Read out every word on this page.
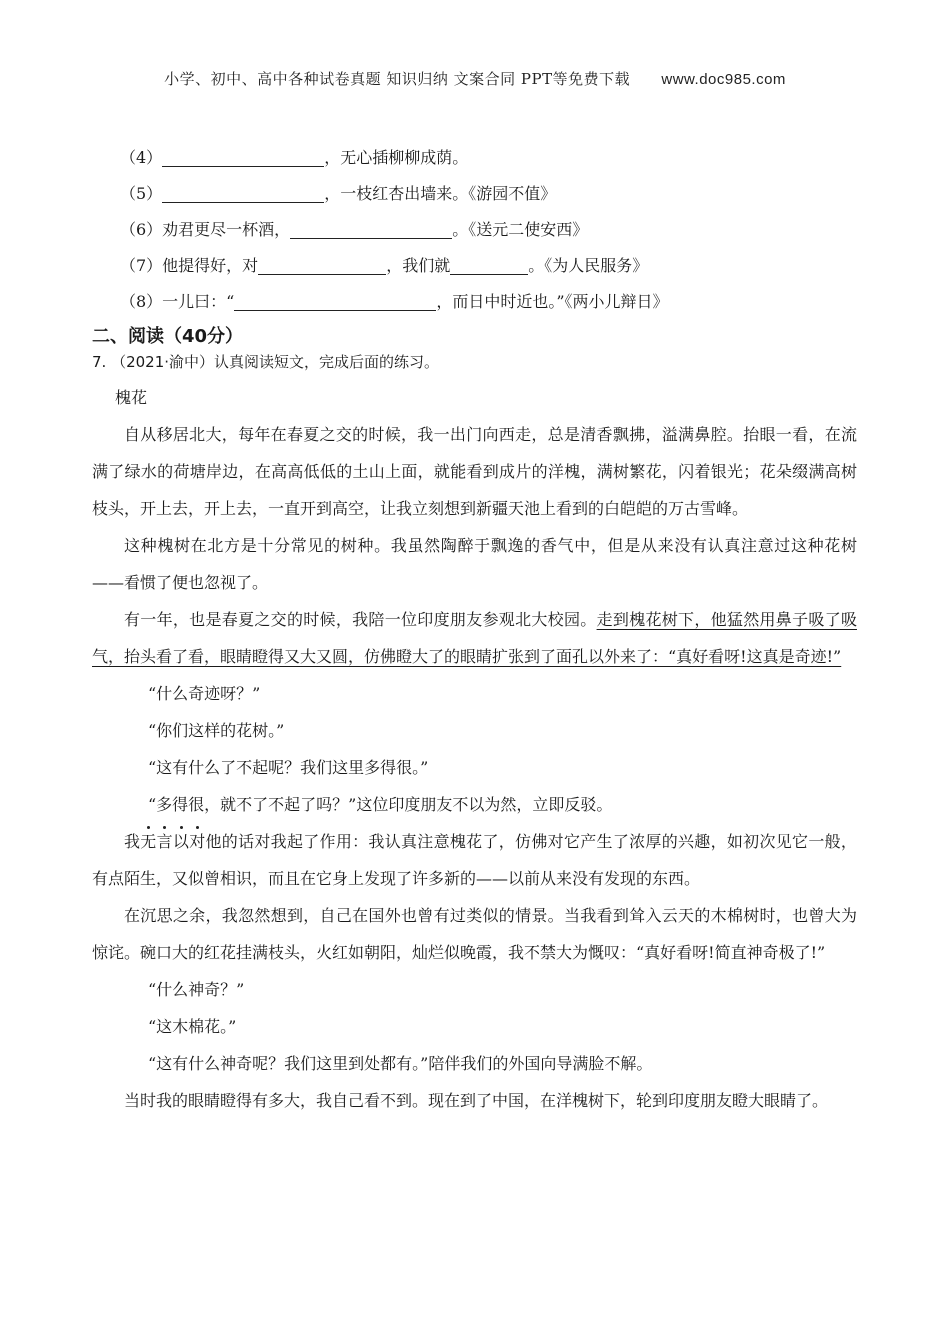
小学、初中、高中各种试卷真题 知识归纳 文案合同 PPT等免费下载 www.doc985.com
（4）	，无心插柳柳成荫。
（5）	，一枝红杏出墙来。《游园不值》
（6）劝君更尽一杯酒，	。《送元二使安西》
（7）他提得好，对	，我们就	。《为人民服务》
（8）一儿曰：“	，而日中时近也。”《两小儿辩日》
二、阅读（40分）
7. （2021·渝中）认真阅读短文，完成后面的练习。
槐花

自从移居北大，每年在春夏之交的时候，我一出门向西走，总是清香飘拂，溢满鼻腔。抬眼一看，在流满了绿水的荷塘岸边，在高高低低的土山上面，就能看到成片的洋槐，满树繁花，闪着银光；花朵缀满高树枝头，开上去，开上去，一直开到高空，让我立刻想到新疆天池上看到的白皑皑的万古雪峰。

这种槐树在北方是十分常见的树种。我虽然陶醉于飘逸的香气中，但是从来没有认真注意过这种花树——看惯了便也忽视了。

有一年，也是春夏之交的时候，我陪一位印度朋友参观北大校园。走到槐花树下，他猛然用鼻子吸了吸气，抬头看了看，眼睛瞪得又大又圆，仿佛瞪大了的眼睛扩张到了面孔以外来了：“真好看呀!这真是奇迹!”

“什么奇迹呀？”

“你们这样的花树。”

“这有什么了不起呢？我们这里多得很。”

“多得很，就不了不起了吗？”这位印度朋友不以为然，立即反驳。

我无言以对他的话对我起了作用：我认真注意槐花了，仿佛对它产生了浓厚的兴趣，如初次见它一般，有点陌生，又似曾相识，而且在它身上发现了许多新的——以前从来没有发现的东西。

在沉思之余，我忽然想到，自己在国外也曾有过类似的情景。当我看到耸入云天的木棉树时，也曾大为惊诧。碗口大的红花挂满枝头，火红如朝阳，灿烂似晚霞，我不禁大为慨叹：“真好看呀!简直神奇极了!”

“什么神奇？”

“这木棉花。”

“这有什么神奇呢？我们这里到处都有。”陪伴我们的外国向导满脸不解。

当时我的眼睛瞪得有多大，我自己看不到。现在到了中国，在洋槐树下，轮到印度朋友瞪大眼睛了。
